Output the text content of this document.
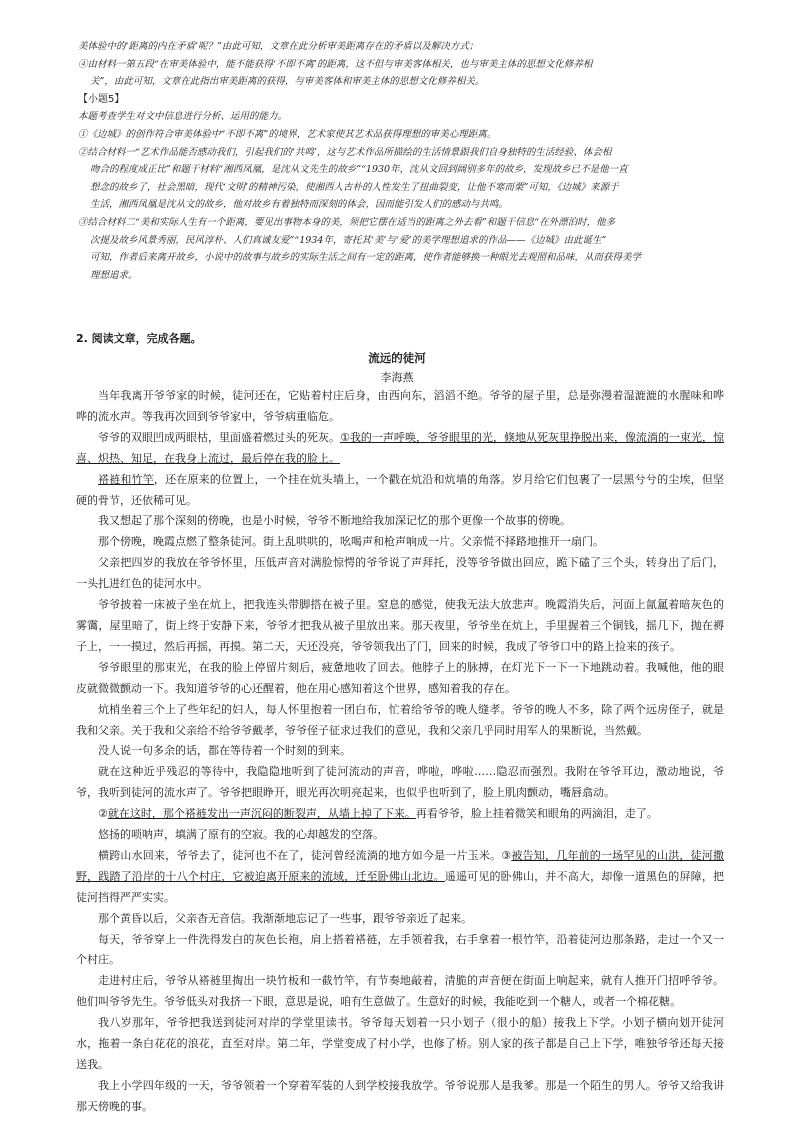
美体验中的‘距离的内在矛盾’呢？”由此可知，文章在此分析审美距离存在的矛盾以及解决方式；

④由材料一第五段“在审美体验中，能不能获得‘不即不离’的距离，这不但与审美客体相关，也与审美主体的思想文化修养相

关”，由此可知，文章在此指出审美距离的获得，与审美客体和审美主体的思想文化修养相关。

【小题5】

本题考查学生对文中信息进行分析、运用的能力。

①《边城》的创作符合审美体验中“不即不离”的境界，艺术家使其艺术品获得理想的审美心理距离。

②结合材料一“艺术作品能否感动我们，引起我们的‘共鸣’，这与艺术作品所描绘的生活情景跟我们自身独特的生活经验、体会相

吻合的程度成正比”和题干材料“湘西凤凰，是沈从文先生的故乡”“1930年，沈从文回到阔别多年的故乡，发现故乡已不是他一直

想念的故乡了，社会黑暗，现代‘文明’的精神污染，使湘西人古朴的人性发生了扭曲裂变，让他不寒而栗”可知，《边城》来源于

生活，湘西凤凰是沈从文的故乡，他对故乡有着独特而深刻的体会，因而能引发人们的感动与共鸣。

③结合材料二“美和实际人生有一个距离，要见出事物本身的美，须把它摆在适当的距离之外去看”和题干信息“在外漂泊时，他多

次提及故乡风景秀丽，民风淳朴、人们真诚友爱”“1934年，寄托其‘美’与‘爱’的美学理想追求的作品——《边城》由此诞生”

可知，作者后来离开故乡，小说中的故事与故乡的实际生活之间有一定的距离，使作者能够换一种眼光去观照和品味，从而获得美学

理想追求。

2. 阅读文章，完成各题。
流远的徒河
李海燕

当年我离开爷爷家的时候，徒河还在，它贴着村庄后身，由西向东，滔滔不绝。爷爷的屋子里，总是弥漫着湿漉漉的水腥味和哗哗的流水声。等我再次回到爷爷家中，爷爷病重临危。

爷爷的双眼凹成两眼枯，里面盛着燃过头的死灰。①我的一声呼唤，爷爷眼里的光，倏地从死灰里挣脱出来，像流淌的一束光，惊喜、炽热、知足，在我身上流过，最后停在我的脸上。

褡裢和竹竿，还在原来的位置上，一个挂在炕头墙上，一个戳在炕沿和炕墙的角落。岁月给它们包裹了一层黑兮兮的尘埃，但坚硬的骨节，还依稀可见。

我又想起了那个深刻的傍晚，也是小时候，爷爷不断地给我加深记忆的那个更像一个故事的傍晚。

那个傍晚，晚霞点燃了整条徒河。街上乱哄哄的，吆喝声和枪声响成一片。父亲慌不择路地推开一扇门。

父亲把四岁的我放在爷爷怀里，压低声音对满脸惊愕的爷爷说了声拜托，没等爷爷做出回应，跪下磕了三个头，转身出了后门，一头扎进红色的徒河水中。

爷爷披着一床被子坐在炕上，把我连头带脚搭在被子里。窒息的感觉，使我无法大放悲声。晚霞消失后，河面上氤氲着暗灰色的雾霭，屋里暗了，街上终于安静下来，爷爷才把我从被子里放出来。那天夜里，爷爷坐在炕上，手里握着三个铜钱，摇几下，抛在褥子上，一一摸过，然后再摇，再摸。第二天，天还没亮，爷爷领我出了门，回来的时候，我成了爷爷口中的路上捡来的孩子。

爷爷眼里的那束光，在我的脸上停留片刻后，疲惫地收了回去。他脖子上的脉搏，在灯光下一下一下地跳动着。我喊他，他的眼皮就微微颤动一下。我知道爷爷的心还醒着，他在用心感知着这个世界，感知着我的存在。

炕梢坐着三个上了些年纪的妇人，每人怀里抱着一团白布，忙着给爷爷的晚人缝孝。爷爷的晚人不多，除了两个远房侄子，就是我和父亲。关于我和父亲给不给爷爷戴孝，爷爷侄子征求过我们的意见，我和父亲几乎同时用军人的果断说，当然戴。

没人说一句多余的话，都在等待着一个时刻的到来。

就在这种近乎残忍的等待中，我隐隐地听到了徒河流动的声音，哗啦，哗啦……隐忍而强烈。我附在爷爷耳边，激动地说，爷爷，我听到徒河的流水声了。爷爷把眼睁开，眼光再次明亮起来，也似乎也听到了，脸上肌肉颤动，嘴唇翕动。

②就在这时，那个褡裢发出一声沉闷的断裂声，从墙上掉了下来。再看爷爷，脸上挂着微笑和眼角的两滴泪，走了。

悠扬的唢呐声，填满了原有的空寂。我的心却越发的空落。

横跨山水回来，爷爷去了，徒河也不在了，徒河曾经流淌的地方如今是一片玉米。③被告知，几年前的一场罕见的山洪，徒河撒野，践踏了沿岸的十八个村庄，它被迫离开原来的流域，迁至卧佛山北边。遥遥可见的卧佛山，并不高大，却像一道黑色的屏障，把徒河挡得严严实实。

那个黄昏以后，父亲杳无音信。我渐渐地忘记了一些事，跟爷爷亲近了起来。

每天，爷爷穿上一件洗得发白的灰色长袍，肩上搭着褡裢，左手领着我，右手拿着一根竹竿，沿着徒河边那条路，走过一个又一个村庄。

走进村庄后，爷爷从褡裢里掏出一块竹板和一截竹竿，有节奏地敲着，清脆的声音便在街面上响起来，就有人推开门招呼爷爷。他们叫爷爷先生。爷爷低头对我挤一下眼，意思是说，咱有生意做了。生意好的时候，我能吃到一个糖人，或者一个棉花糖。

我八岁那年，爷爷把我送到徒河对岸的学堂里读书。爷爷每天划着一只小划子（很小的船）接我上下学。小划子横向划开徒河水，拖着一条白花花的浪花，直至对岸。第二年，学堂变成了村小学，也修了桥。别人家的孩子都是自己上下学，唯独爷爷还每天接送我。

我上小学四年级的一天，爷爷领着一个穿着军装的人到学校接我放学。爷爷说那人是我爹。那是一个陌生的男人。爷爷又给我讲那天傍晚的事。
